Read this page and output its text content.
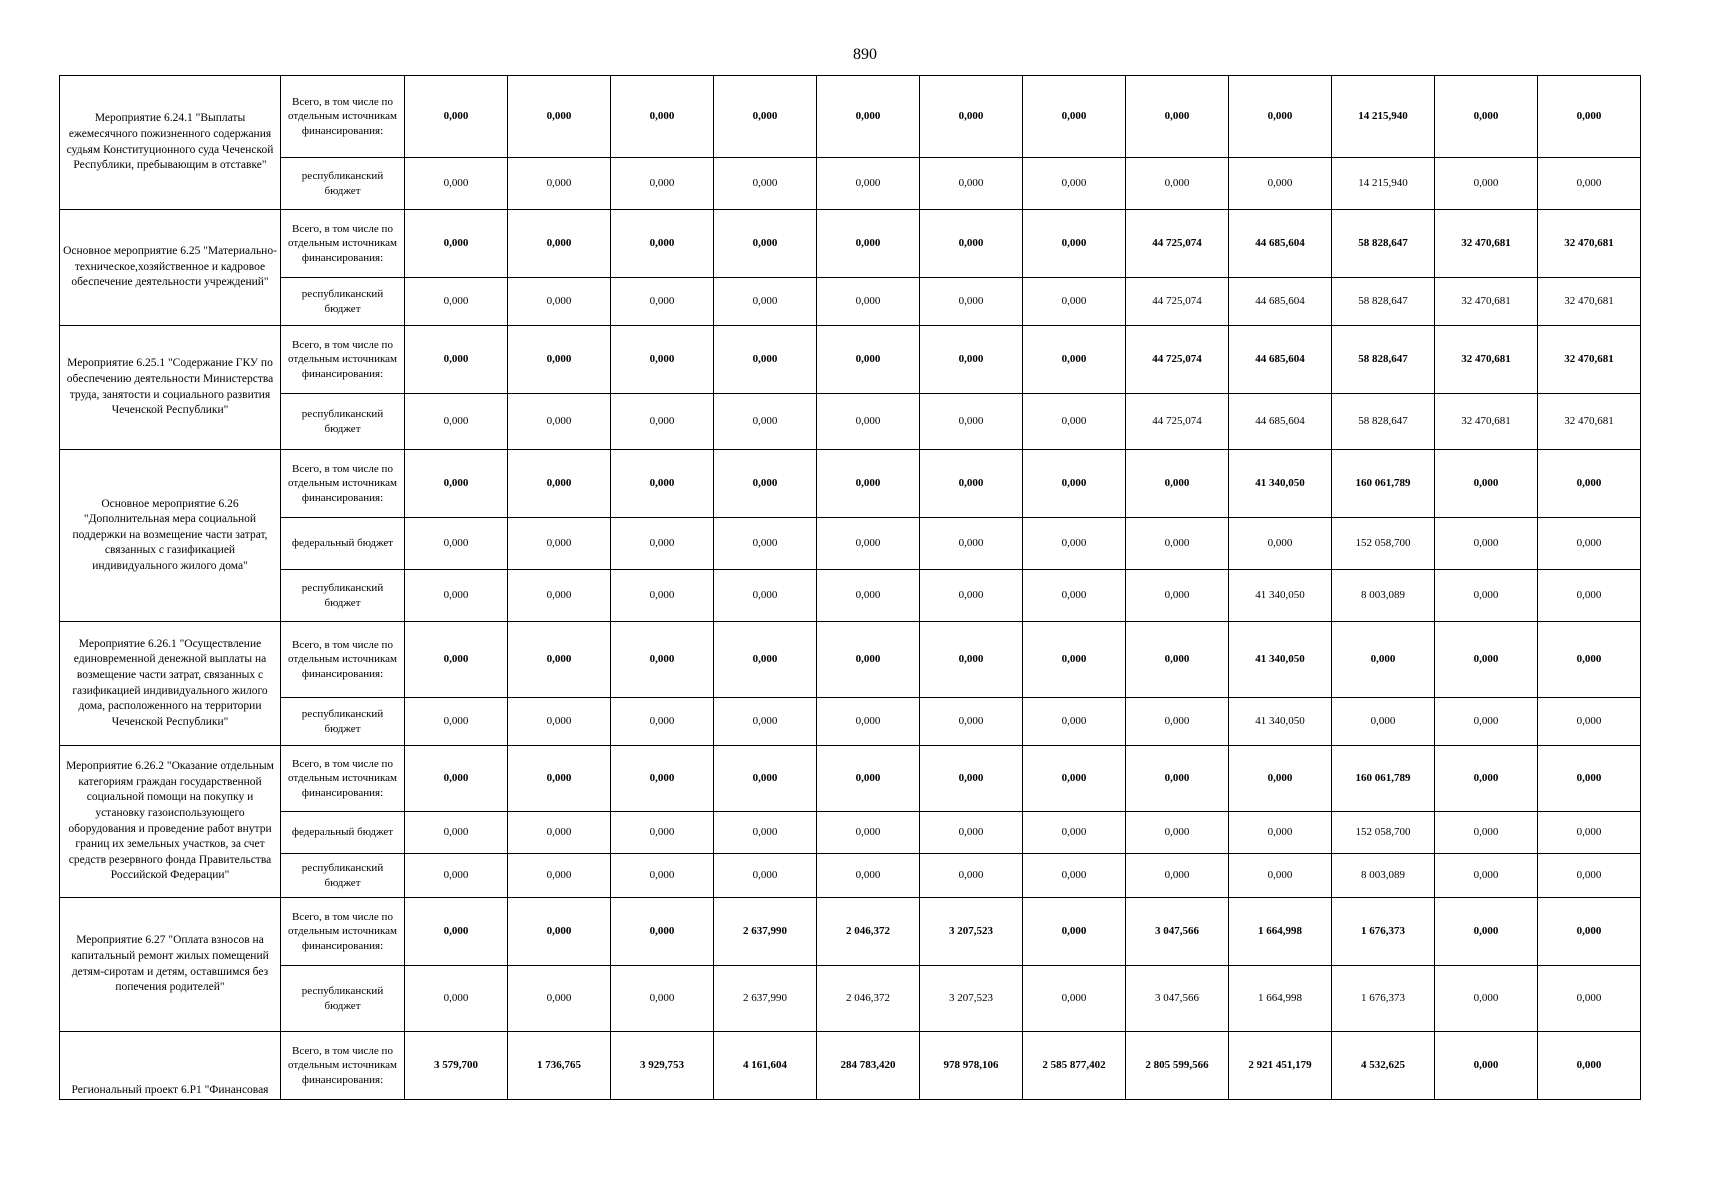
890
Мероприятие 6.24.1 "Выплаты ежемесячного пожизненного содержания судьям Конституционного суда Чеченской Республики, пребывающим в отставке"	Всего, в том числе по отдельным источникам финансирования:	0,000	0,000	0,000	0,000	0,000	0,000	0,000	0,000	0,000	14 215,940	0,000	0,000
	республиканский бюджет	0,000	0,000	0,000	0,000	0,000	0,000	0,000	0,000	0,000	14 215,940	0,000	0,000
Основное мероприятие 6.25 "Материально-техническое,хозяйственное и кадровое обеспечение деятельности учреждений"	Всего, в том числе по отдельным источникам финансирования:	0,000	0,000	0,000	0,000	0,000	0,000	0,000	44 725,074	44 685,604	58 828,647	32 470,681	32 470,681
	республиканский бюджет	0,000	0,000	0,000	0,000	0,000	0,000	0,000	44 725,074	44 685,604	58 828,647	32 470,681	32 470,681
Мероприятие 6.25.1 "Содержание ГКУ по обеспечению деятельности Министерства труда, занятости и социального развития Чеченской Республики"	Всего, в том числе по отдельным источникам финансирования:	0,000	0,000	0,000	0,000	0,000	0,000	0,000	44 725,074	44 685,604	58 828,647	32 470,681	32 470,681
	республиканский бюджет	0,000	0,000	0,000	0,000	0,000	0,000	0,000	44 725,074	44 685,604	58 828,647	32 470,681	32 470,681
Основное мероприятие 6.26 "Дополнительная мера социальной поддержки на возмещение части затрат, связанных с газификацией индивидуального жилого дома"	Всего, в том числе по отдельным источникам финансирования:	0,000	0,000	0,000	0,000	0,000	0,000	0,000	0,000	41 340,050	160 061,789	0,000	0,000
	федеральный бюджет	0,000	0,000	0,000	0,000	0,000	0,000	0,000	0,000	0,000	152 058,700	0,000	0,000
	республиканский бюджет	0,000	0,000	0,000	0,000	0,000	0,000	0,000	0,000	41 340,050	8 003,089	0,000	0,000
Мероприятие 6.26.1 "Осуществление единовременной денежной выплаты на возмещение части затрат, связанных с газификацией индивидуального жилого дома, расположенного на территории Чеченской Республики"	Всего, в том числе по отдельным источникам финансирования:	0,000	0,000	0,000	0,000	0,000	0,000	0,000	0,000	41 340,050	0,000	0,000	0,000
	республиканский бюджет	0,000	0,000	0,000	0,000	0,000	0,000	0,000	0,000	41 340,050	0,000	0,000	0,000
Мероприятие 6.26.2 "Оказание отдельным категориям граждан государственной социальной помощи на покупку и установку газоиспользующего оборудования и проведение работ внутри границ их земельных участков, за счет средств резервного фонда Правительства Российской Федерации"	Всего, в том числе по отдельным источникам финансирования:	0,000	0,000	0,000	0,000	0,000	0,000	0,000	0,000	0,000	160 061,789	0,000	0,000
	федеральный бюджет	0,000	0,000	0,000	0,000	0,000	0,000	0,000	0,000	0,000	152 058,700	0,000	0,000
	республиканский бюджет	0,000	0,000	0,000	0,000	0,000	0,000	0,000	0,000	0,000	8 003,089	0,000	0,000
Мероприятие 6.27 "Оплата взносов на капитальный ремонт жилых помещений детям-сиротам и детям, оставшимся без попечения родителей"	Всего, в том числе по отдельным источникам финансирования:	0,000	0,000	0,000	2 637,990	2 046,372	3 207,523	0,000	3 047,566	1 664,998	1 676,373	0,000	0,000
	республиканский бюджет	0,000	0,000	0,000	2 637,990	2 046,372	3 207,523	0,000	3 047,566	1 664,998	1 676,373	0,000	0,000
Региональный проект 6.Р1 "Финансовая	Всего, в том числе по отдельным источникам финансирования:	3 579,700	1 736,765	3 929,753	4 161,604	284 783,420	978 978,106	2 585 877,402	2 805 599,566	2 921 451,179	4 532,625	0,000	0,000
